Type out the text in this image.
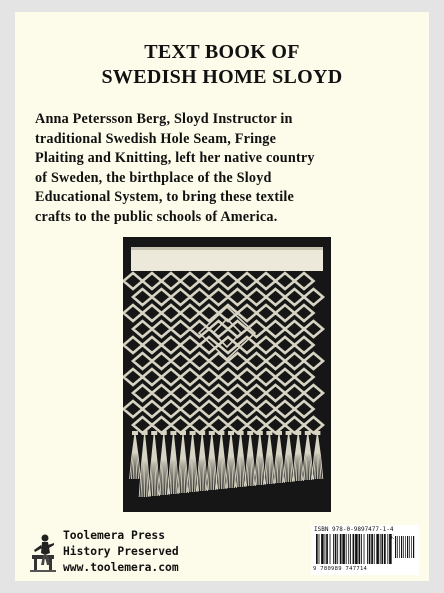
TEXT BOOK OF
SWEDISH HOME SLOYD
Anna Petersson Berg, Sloyd Instructor in
traditional Swedish Hole Seam, Fringe
Plaiting and Knitting, left her native country
of Sweden, the birthplace of the Sloyd
Educational System, to bring these textile
crafts to the public schools of America.
Toolemera Press
History Preserved
www.toolemera.com
ISBN 978-0-9897477-1-4
9 780989 747714
